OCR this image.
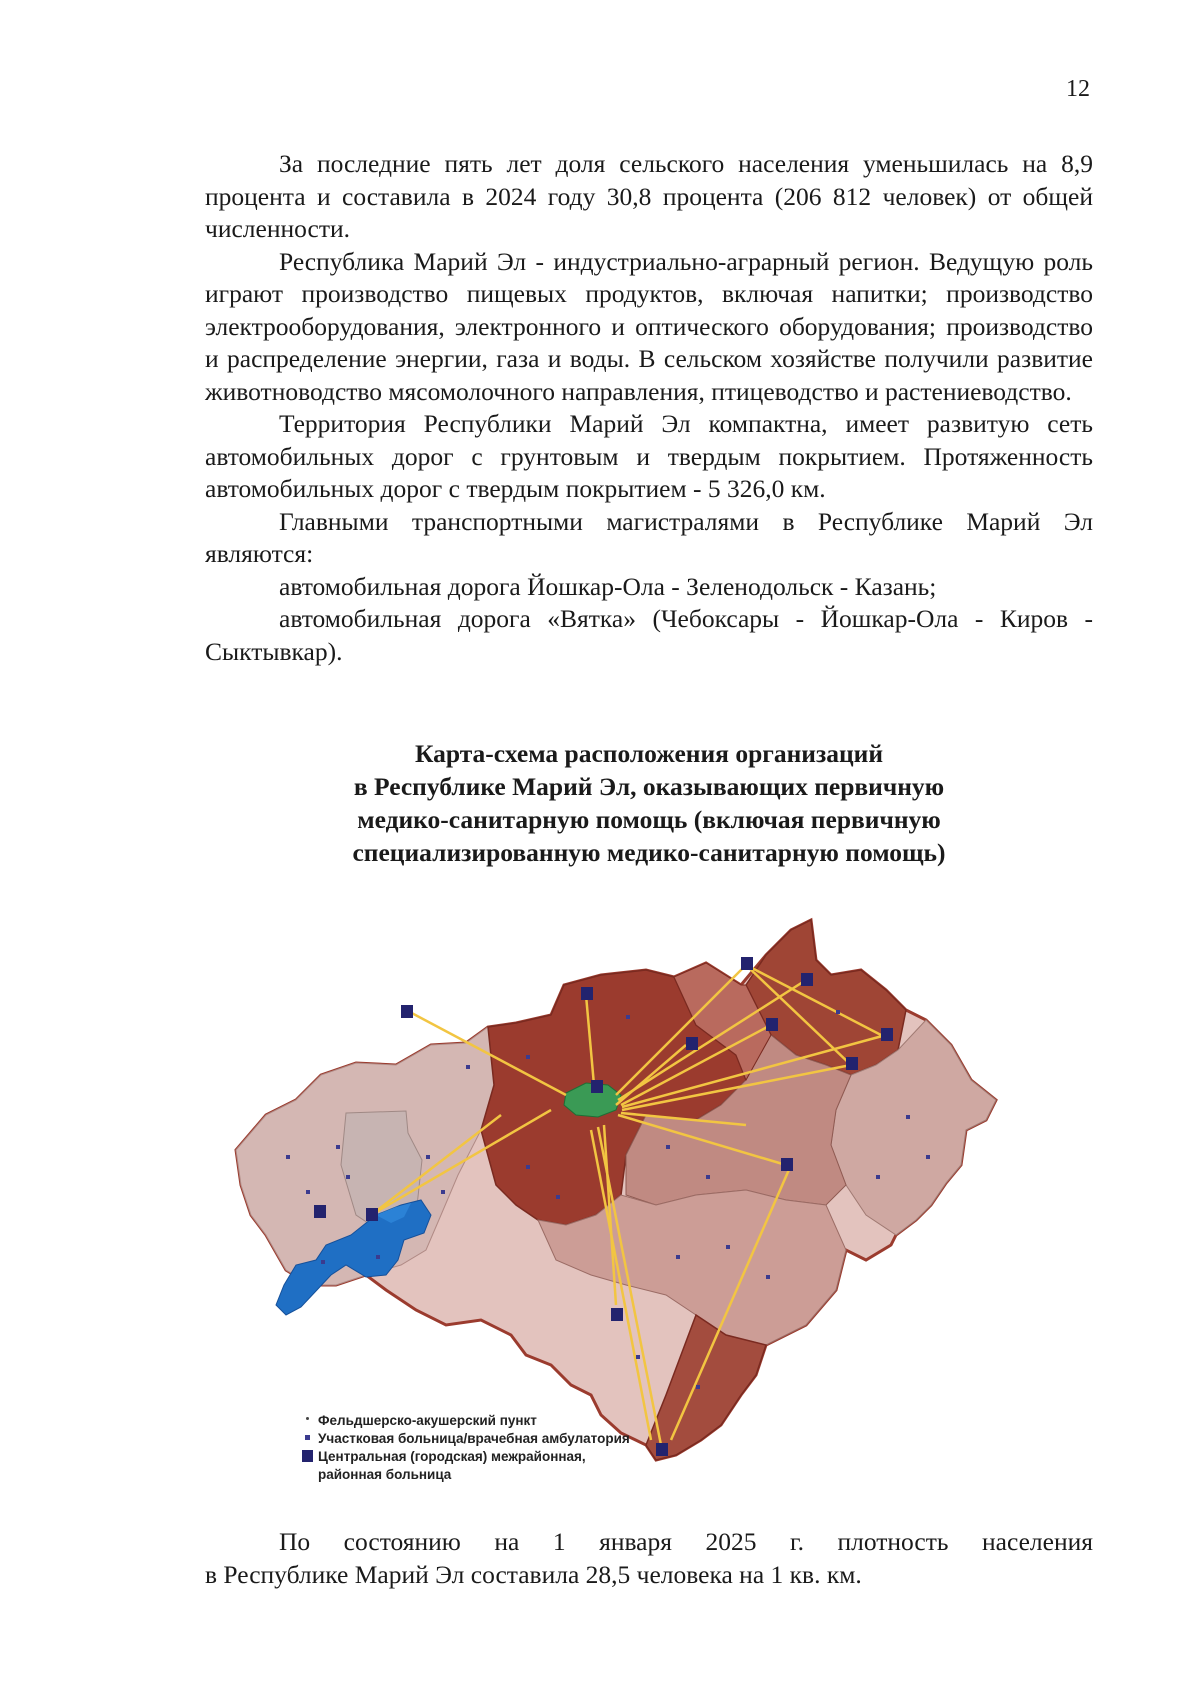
12

За последние пять лет доля сельского населения уменьшилась на 8,9 процента и составила в 2024 году 30,8 процента (206 812 человек) от общей численности.

Республика Марий Эл - индустриально-аграрный регион. Ведущую роль играют производство пищевых продуктов, включая напитки; производство электрооборудования, электронного и оптического оборудования; производство и распределение энергии, газа и воды. В сельском хозяйстве получили развитие животноводство мясомолочного направления, птицеводство и растениеводство.

Территория Республики Марий Эл компактна, имеет развитую сеть автомобильных дорог с грунтовым и твердым покрытием. Протяженность автомобильных дорог с твердым покрытием - 5 326,0 км.

Главными транспортными магистралями в Республике Марий Эл являются:

автомобильная дорога Йошкар-Ола - Зеленодольск - Казань;

автомобильная дорога «Вятка» (Чебоксары - Йошкар-Ола - Киров - Сыктывкар).

Карта-схема расположения организаций
в Республике Марий Эл, оказывающих первичную
медико-санитарную помощь (включая первичную
специализированную медико-санитарную помощь)
Фельдшерско-акушерский пункт
Участковая больница/врачебная амбулатория
Центральная (городская) межрайонная, районная больница

По состоянию на 1 января 2025 г. плотность населения

в Республике Марий Эл составила 28,5 человека на 1 кв. км.
